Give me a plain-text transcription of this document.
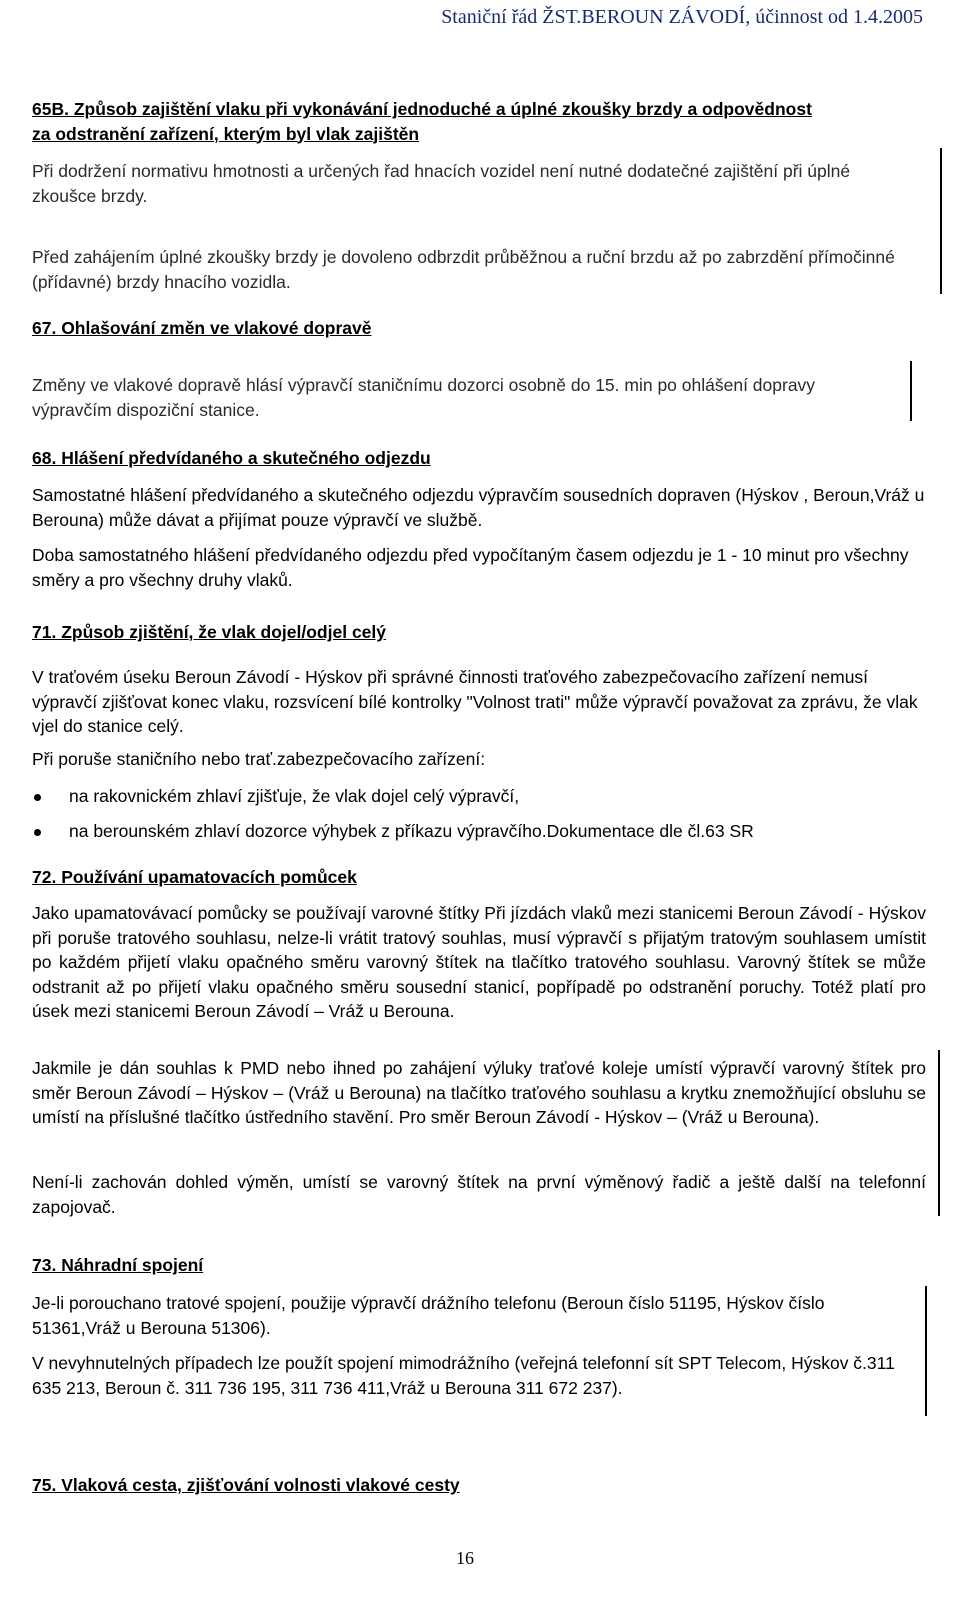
Staniční řád ŽST.BEROUN ZÁVODÍ, účinnost od 1.4.2005
65B. Způsob zajištění vlaku při vykonávání jednoduché a úplné zkoušky brzdy a odpovědnost
za odstranění zařízení, kterým byl vlak zajištěn
Při dodržení normativu hmotnosti a určených řad hnacích vozidel není nutné dodatečné zajištění při úplné zkoušce brzdy.
Před zahájením úplné zkoušky brzdy je dovoleno odbrzdit průběžnou a ruční brzdu až po zabrzdění přímočinné (přídavné) brzdy hnacího vozidla.
67. Ohlašování změn ve vlakové dopravě
Změny ve vlakové dopravě hlásí výpravčí staničnímu dozorci osobně do 15. min po ohlášení dopravy výpravčím dispoziční stanice.
68. Hlášení předvídaného a skutečného odjezdu
Samostatné hlášení předvídaného a skutečného odjezdu výpravčím sousedních dopraven (Hýskov , Beroun,Vráž u Berouna) může dávat a přijímat pouze výpravčí ve službě.
Doba samostatného hlášení předvídaného odjezdu před vypočítaným časem odjezdu je 1 - 10 minut pro všechny směry a pro všechny druhy vlaků.
71. Způsob zjištění, že vlak dojel/odjel celý
V traťovém úseku Beroun Závodí - Hýskov při správné činnosti traťového zabezpečovacího zařízení nemusí výpravčí zjišťovat konec vlaku, rozsvícení bílé kontrolky "Volnost trati" může výpravčí považovat za zprávu, že vlak vjel do stanice celý.
Při poruše staničního nebo trať.zabezpečovacího zařízení:
na rakovnickém zhlaví zjišťuje, že vlak dojel celý výpravčí,
na berounském zhlaví dozorce výhybek z příkazu výpravčího.Dokumentace dle čl.63 SR
72. Používání upamatovacích pomůcek
Jako upamatovávací pomůcky se používají varovné štítky Při jízdách vlaků mezi stanicemi Beroun Závodí - Hýskov při poruše tratového souhlasu, nelze-li vrátit tratový souhlas, musí výpravčí s přijatým tratovým souhlasem umístit po každém přijetí vlaku opačného směru varovný štítek na tlačítko tratového souhlasu. Varovný štítek se může odstranit až po přijetí vlaku opačného směru sousední stanicí, popřípadě po odstranění poruchy. Totéž platí pro úsek mezi stanicemi Beroun Závodí – Vráž u Berouna.
Jakmile je dán souhlas k PMD nebo ihned po zahájení výluky traťové koleje umístí výpravčí varovný štítek pro směr Beroun Závodí – Hýskov – (Vráž u Berouna) na tlačítko traťového souhlasu a krytku znemožňující obsluhu se umístí na příslušné tlačítko ústředního stavění. Pro směr Beroun Závodí - Hýskov – (Vráž u Berouna).
Není-li zachován dohled výměn, umístí se varovný štítek na první výměnový řadič a ještě další na telefonní zapojovač.
73. Náhradní spojení
Je-li porouchano tratové spojení, použije výpravčí drážního telefonu (Beroun číslo 51195, Hýskov číslo 51361,Vráž u Berouna 51306).
V nevyhnutelných případech lze použít spojení mimodrážního (veřejná telefonní sít SPT Telecom, Hýskov č.311 635 213, Beroun č. 311 736 195, 311 736 411,Vráž u Berouna 311 672 237).
75. Vlaková cesta, zjišťování volnosti vlakové cesty
16
